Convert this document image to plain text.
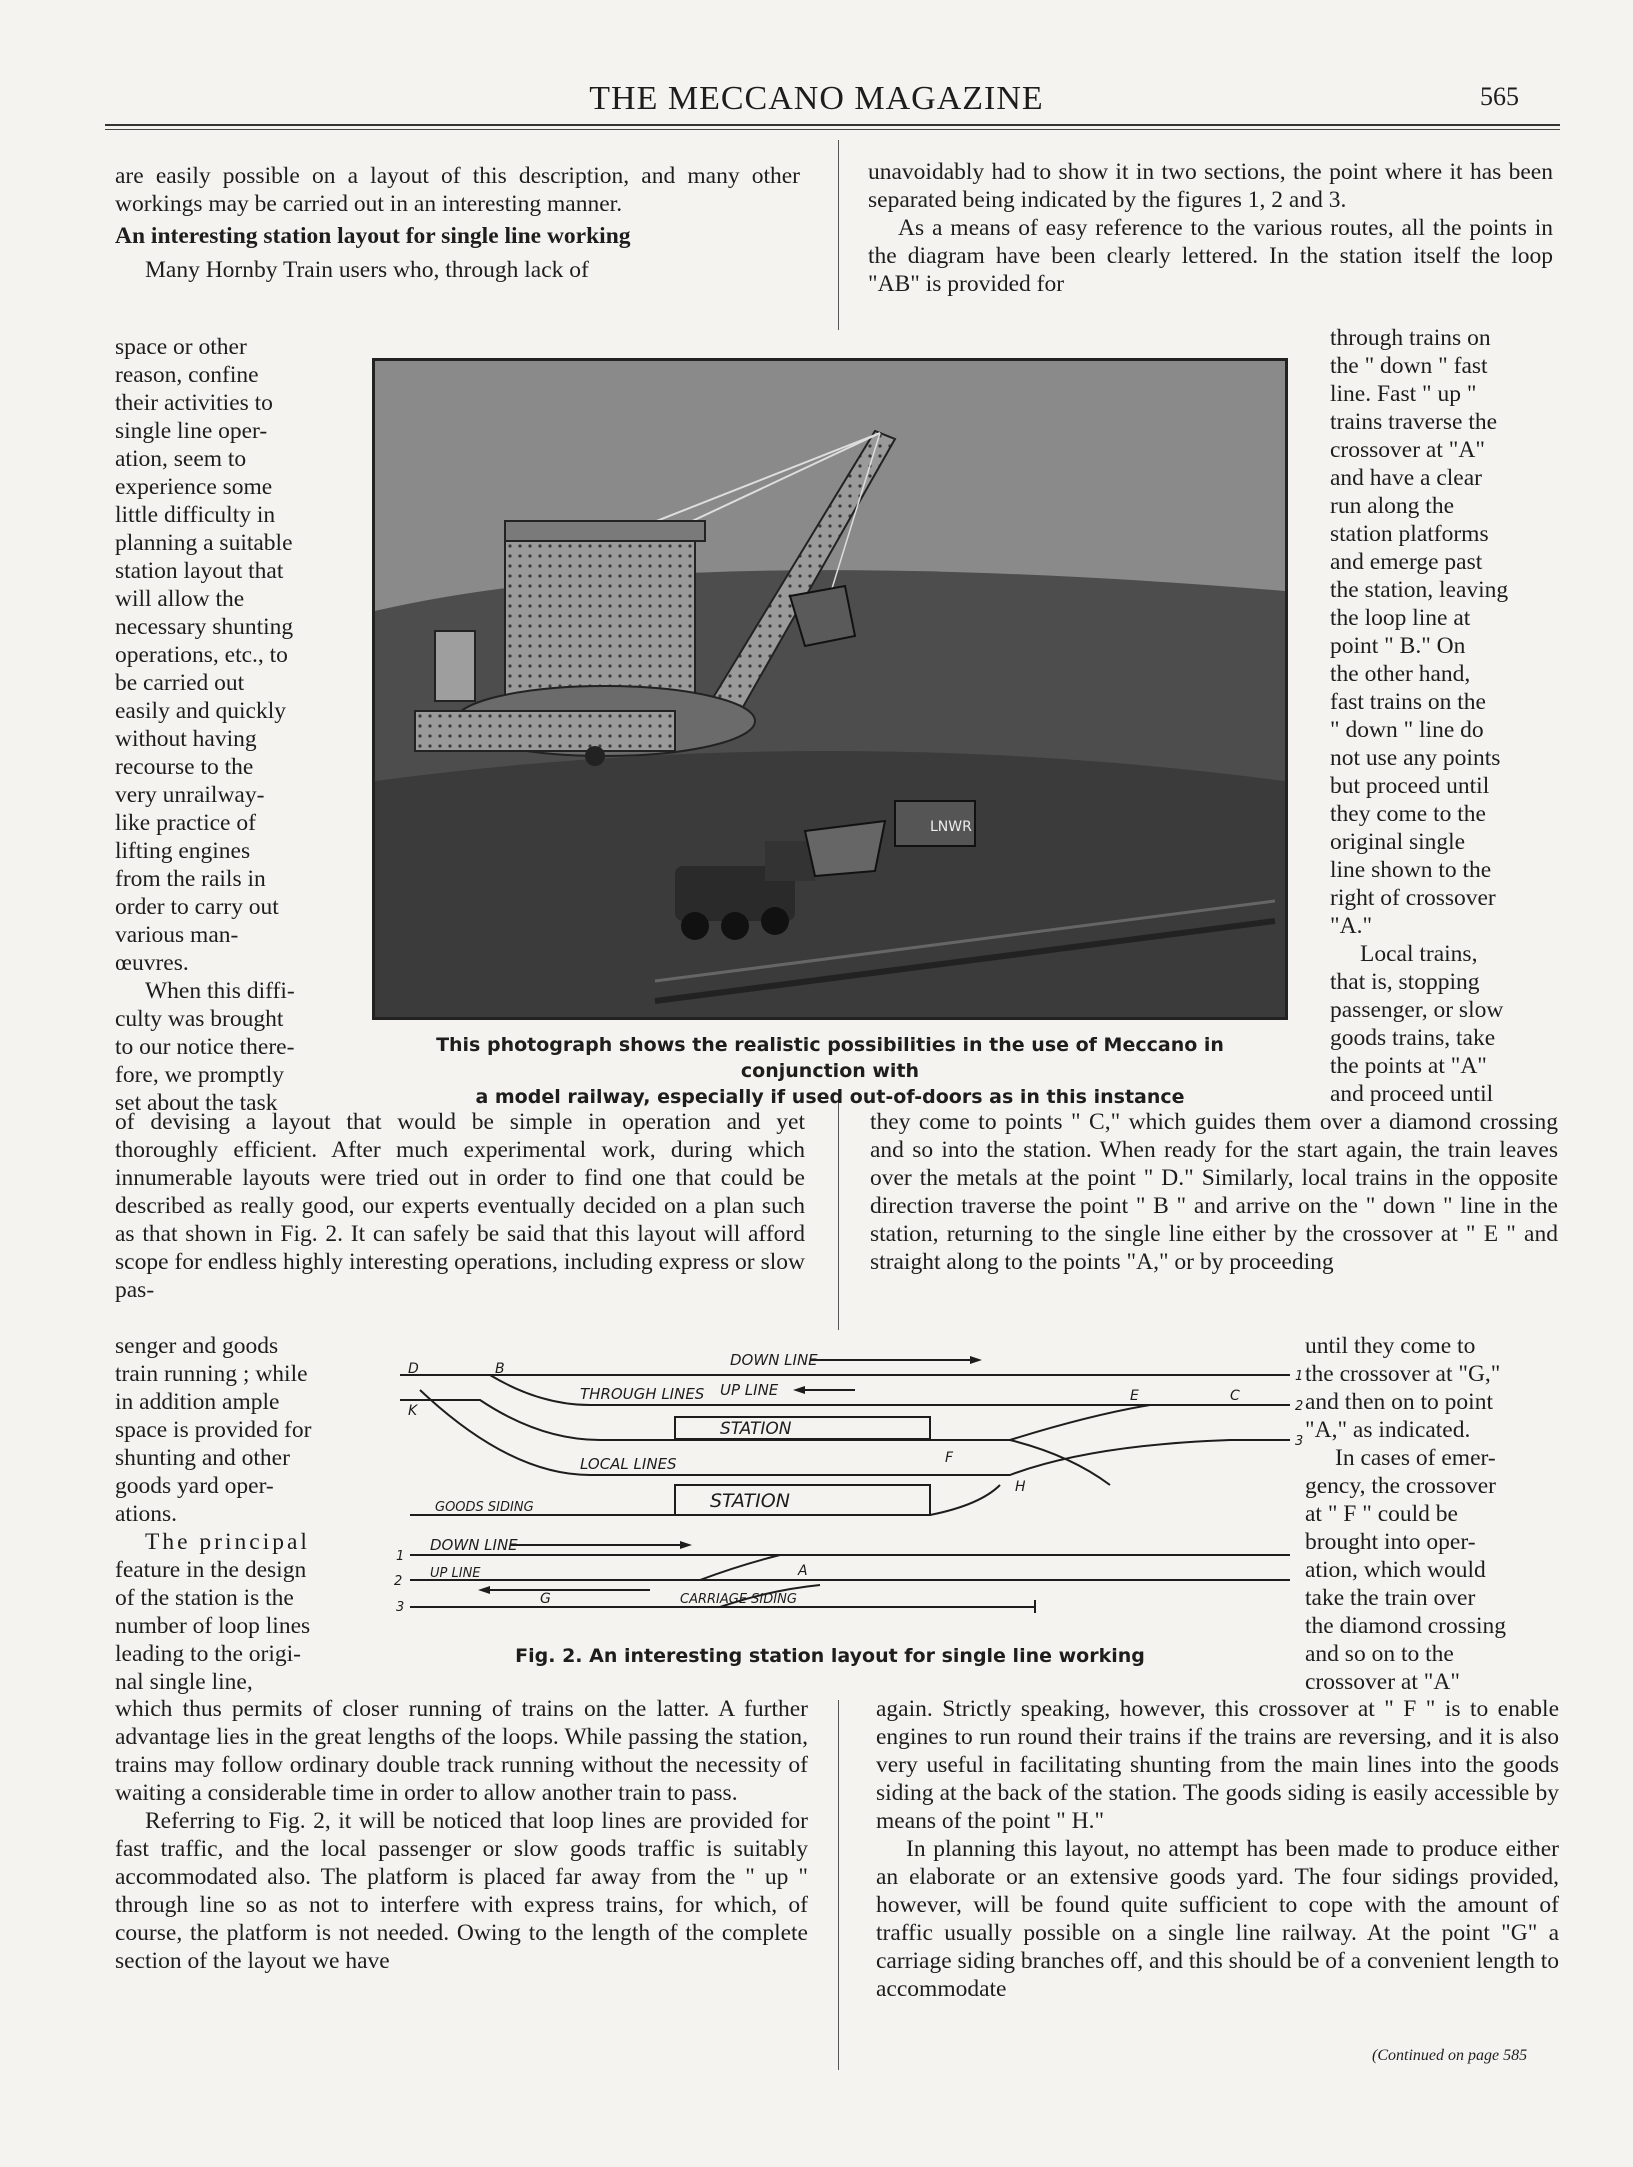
THE MECCANO MAGAZINE	565

are easily possible on a layout of this description, and many other workings may be carried out in an interesting manner.

An interesting station layout for single line working

Many Hornby Train users who, through lack of

space or other
reason, confine
their activities to
single line oper-
ation, seem to
experience some
little difficulty in
planning a suitable
station layout that
will allow the
necessary shunting
operations, etc., to
be carried out
easily and quickly
without having
recourse to the
very unrailway-
like practice of
lifting engines
from the rails in
order to carry out
various man-
œuvres.
When this diffi-
culty was brought
to our notice there-
fore, we promptly
set about the task

unavoidably had to show it in two sections, the point where it has been separated being indicated by the figures 1, 2 and 3.

As a means of easy reference to the various routes, all the points in the diagram have been clearly lettered. In the station itself the loop "AB" is provided for

through trains on
the " down " fast
line. Fast " up "
trains traverse the
crossover at "A"
and have a clear
run along the
station platforms
and emerge past
the station, leaving
the loop line at
point " B." On
the other hand,
fast trains on the
" down " line do
not use any points
but proceed until
they come to the
original single
line shown to the
right of crossover
"A."
Local trains,
that is, stopping
passenger, or slow
goods trains, take
the points at "A"
and proceed until
LNWR
This photograph shows the realistic possibilities in the use of Meccano in conjunction with
a model railway, especially if used out-of-doors as in this instance

of devising a layout that would be simple in operation and yet thoroughly efficient. After much experimental work, during which innumerable layouts were tried out in order to find one that could be described as really good, our experts eventually decided on a plan such as that shown in Fig. 2. It can safely be said that this layout will afford scope for endless highly interesting operations, including express or slow pas-

senger and goods
train running ; while
in addition ample
space is provided for
shunting and other
goods yard oper-
ations.
The principal
feature in the design
of the station is the
number of loop lines
leading to the origi-
nal single line,

they come to points " C," which guides them over a diamond crossing and so into the station. When ready for the start again, the train leaves over the metals at the point " D." Similarly, local trains in the opposite direction traverse the point " B " and arrive on the " down " line in the station, returning to the single line either by the crossover at " E " and straight along to the points "A," or by proceeding

until they come to
the crossover at "G,"
and then on to point
"A," as indicated.
In cases of emer-
gency, the crossover
at " F " could be
brought into oper-
ation, which would
take the train over
the diamond crossing
and so on to the
crossover at "A"
DOWN LINE
UP LINE
THROUGH LINES
STATION
LOCAL LINES
STATION
GOODS SIDING
DOWN LINE
UP LINE
CARRIAGE SIDING
D	B
K
E	C
F
H
A
G
1
2
3
1
2
3
Fig. 2. An interesting station layout for single line working

which thus permits of closer running of trains on the latter. A further advantage lies in the great lengths of the loops. While passing the station, trains may follow ordinary double track running without the necessity of waiting a considerable time in order to allow another train to pass.

Referring to Fig. 2, it will be noticed that loop lines are provided for fast traffic, and the local passenger or slow goods traffic is suitably accommodated also. The platform is placed far away from the " up " through line so as not to interfere with express trains, for which, of course, the platform is not needed. Owing to the length of the complete section of the layout we have

again. Strictly speaking, however, this crossover at " F " is to enable engines to run round their trains if the trains are reversing, and it is also very useful in facilitating shunting from the main lines into the goods siding at the back of the station. The goods siding is easily accessible by means of the point " H."

In planning this layout, no attempt has been made to produce either an elaborate or an extensive goods yard. The four sidings provided, however, will be found quite sufficient to cope with the amount of traffic usually possible on a single line railway. At the point "G" a carriage siding branches off, and this should be of a convenient length to accommodate

(Continued on page 585
